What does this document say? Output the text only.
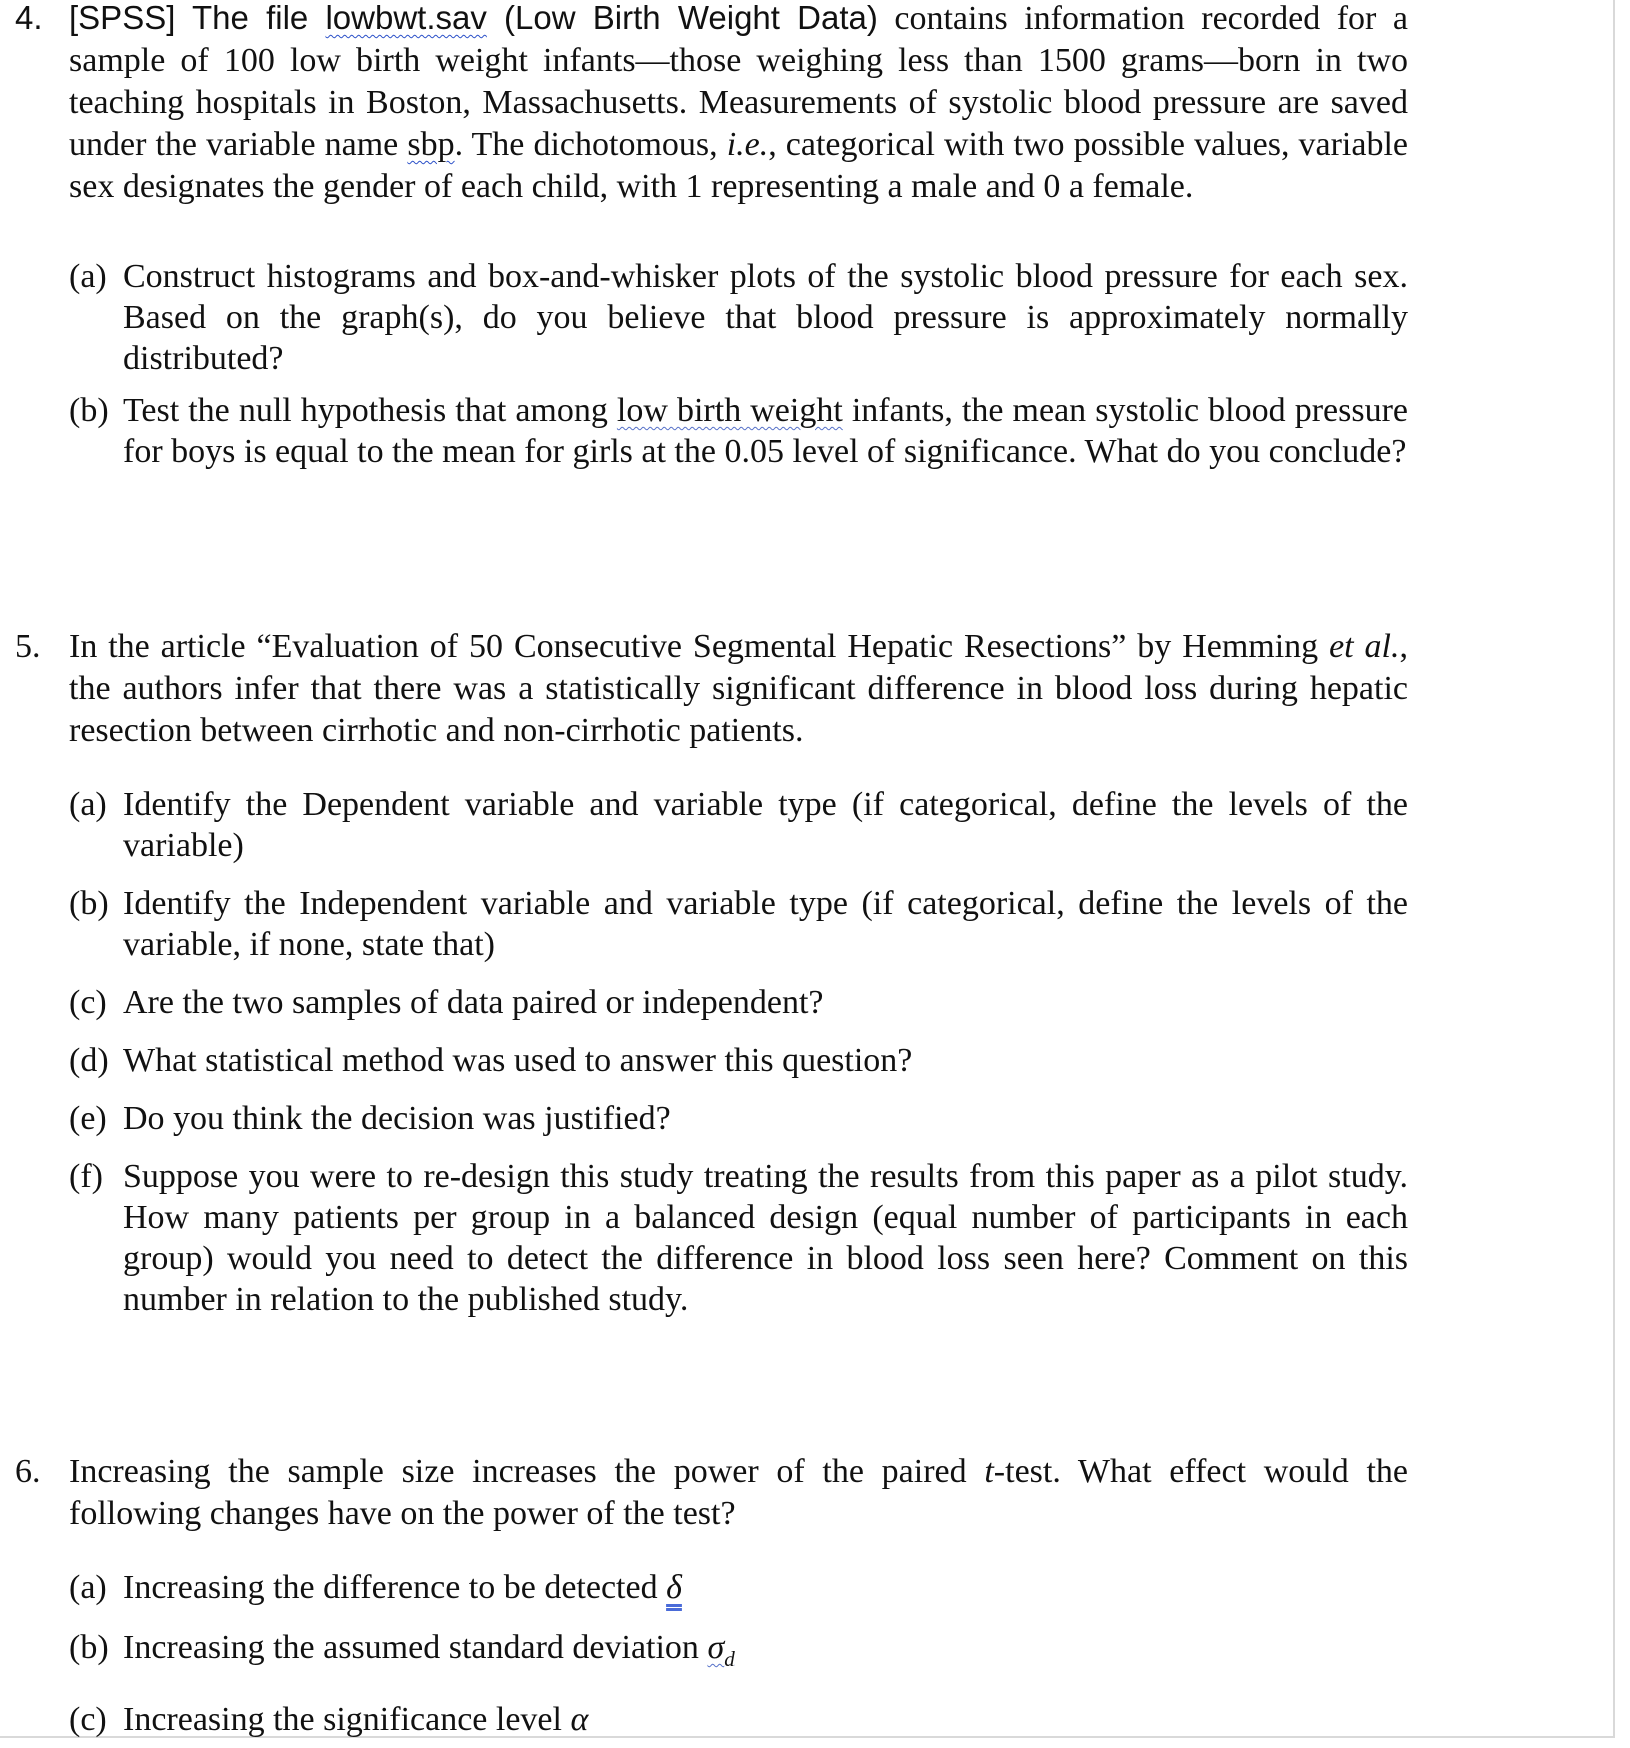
4. [SPSS] The file lowbwt.sav (Low Birth Weight Data) contains information recorded for a sample of 100 low birth weight infants—those weighing less than 1500 grams—born in two teaching hospitals in Boston, Massachusetts. Measurements of systolic blood pressure are saved under the variable name sbp. The dichotomous, i.e., categorical with two possible values, variable sex designates the gender of each child, with 1 representing a male and 0 a female.
(a) Construct histograms and box-and-whisker plots of the systolic blood pressure for each sex. Based on the graph(s), do you believe that blood pressure is approximately normally distributed?
(b) Test the null hypothesis that among low birth weight infants, the mean systolic blood pressure for boys is equal to the mean for girls at the 0.05 level of significance. What do you conclude?
5. In the article “Evaluation of 50 Consecutive Segmental Hepatic Resections” by Hemming et al., the authors infer that there was a statistically significant difference in blood loss during hepatic resection between cirrhotic and non-cirrhotic patients.
(a) Identify the Dependent variable and variable type (if categorical, define the levels of the variable)
(b) Identify the Independent variable and variable type (if categorical, define the levels of the variable, if none, state that)
(c) Are the two samples of data paired or independent?
(d) What statistical method was used to answer this question?
(e) Do you think the decision was justified?
(f) Suppose you were to re-design this study treating the results from this paper as a pilot study. How many patients per group in a balanced design (equal number of participants in each group) would you need to detect the difference in blood loss seen here? Comment on this number in relation to the published study.
6. Increasing the sample size increases the power of the paired t-test. What effect would the following changes have on the power of the test?
(a) Increasing the difference to be detected δ
(b) Increasing the assumed standard deviation $\sigma_d$
(c) Increasing the significance level α
